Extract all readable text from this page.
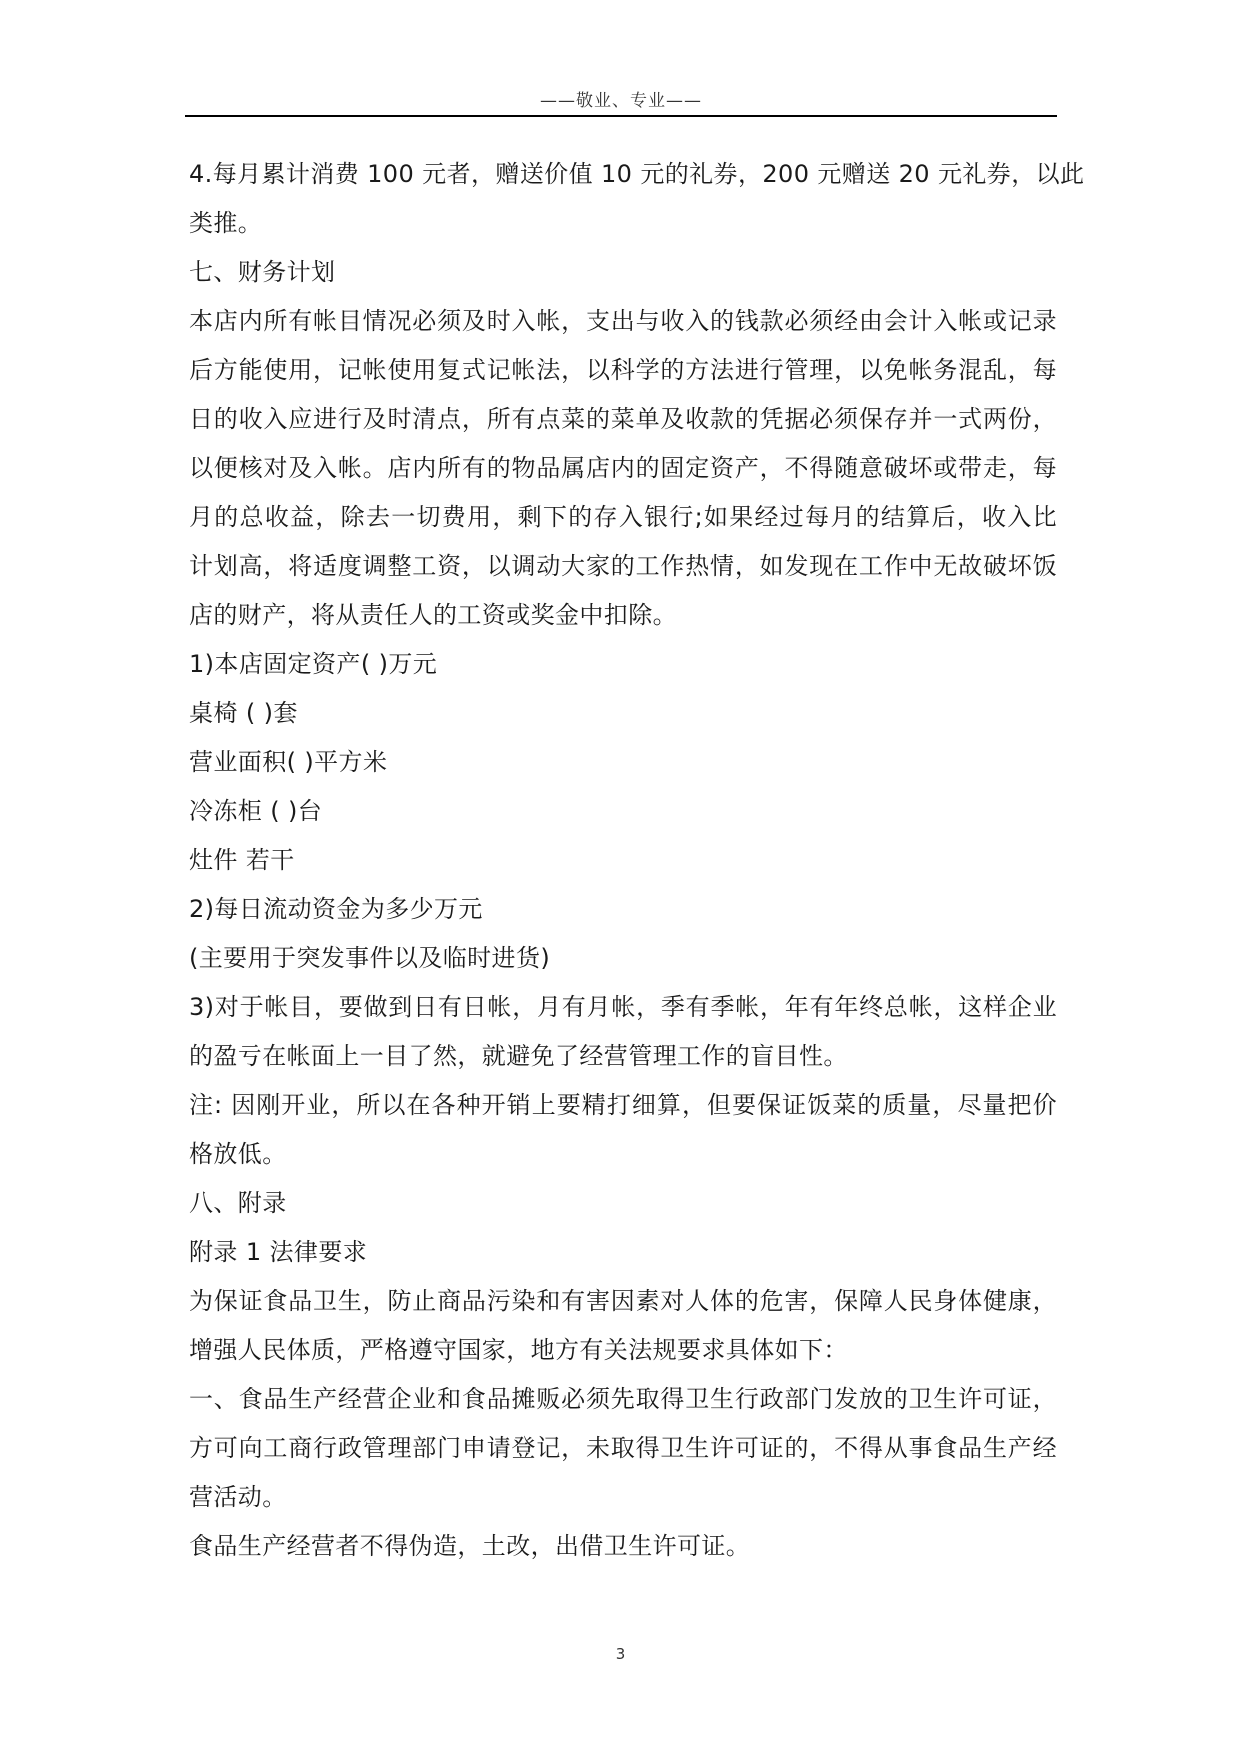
——敬业、专业——
4.每月累计消费 100 元者，赠送价值 10 元的礼券，200 元赠送 20 元礼券，以此
类推。
七、财务计划
本店内所有帐目情况必须及时入帐，支出与收入的钱款必须经由会计入帐或记录
后方能使用，记帐使用复式记帐法，以科学的方法进行管理，以免帐务混乱，每
日的收入应进行及时清点，所有点菜的菜单及收款的凭据必须保存并一式两份，
以便核对及入帐。店内所有的物品属店内的固定资产，不得随意破坏或带走，每
月的总收益，除去一切费用，剩下的存入银行;如果经过每月的结算后，收入比
计划高，将适度调整工资，以调动大家的工作热情，如发现在工作中无故破坏饭
店的财产，将从责任人的工资或奖金中扣除。
1)本店固定资产( )万元
桌椅 ( )套
营业面积( )平方米
冷冻柜 ( )台
灶件 若干
2)每日流动资金为多少万元
(主要用于突发事件以及临时进货)
3)对于帐目，要做到日有日帐，月有月帐，季有季帐，年有年终总帐，这样企业
的盈亏在帐面上一目了然，就避免了经营管理工作的盲目性。
注: 因刚开业，所以在各种开销上要精打细算，但要保证饭菜的质量，尽量把价
格放低。
八、附录
附录 1 法律要求
为保证食品卫生，防止商品污染和有害因素对人体的危害，保障人民身体健康，
增强人民体质，严格遵守国家，地方有关法规要求具体如下：
一、食品生产经营企业和食品摊贩必须先取得卫生行政部门发放的卫生许可证，
方可向工商行政管理部门申请登记，未取得卫生许可证的，不得从事食品生产经
营活动。
食品生产经营者不得伪造，土改，出借卫生许可证。
3
